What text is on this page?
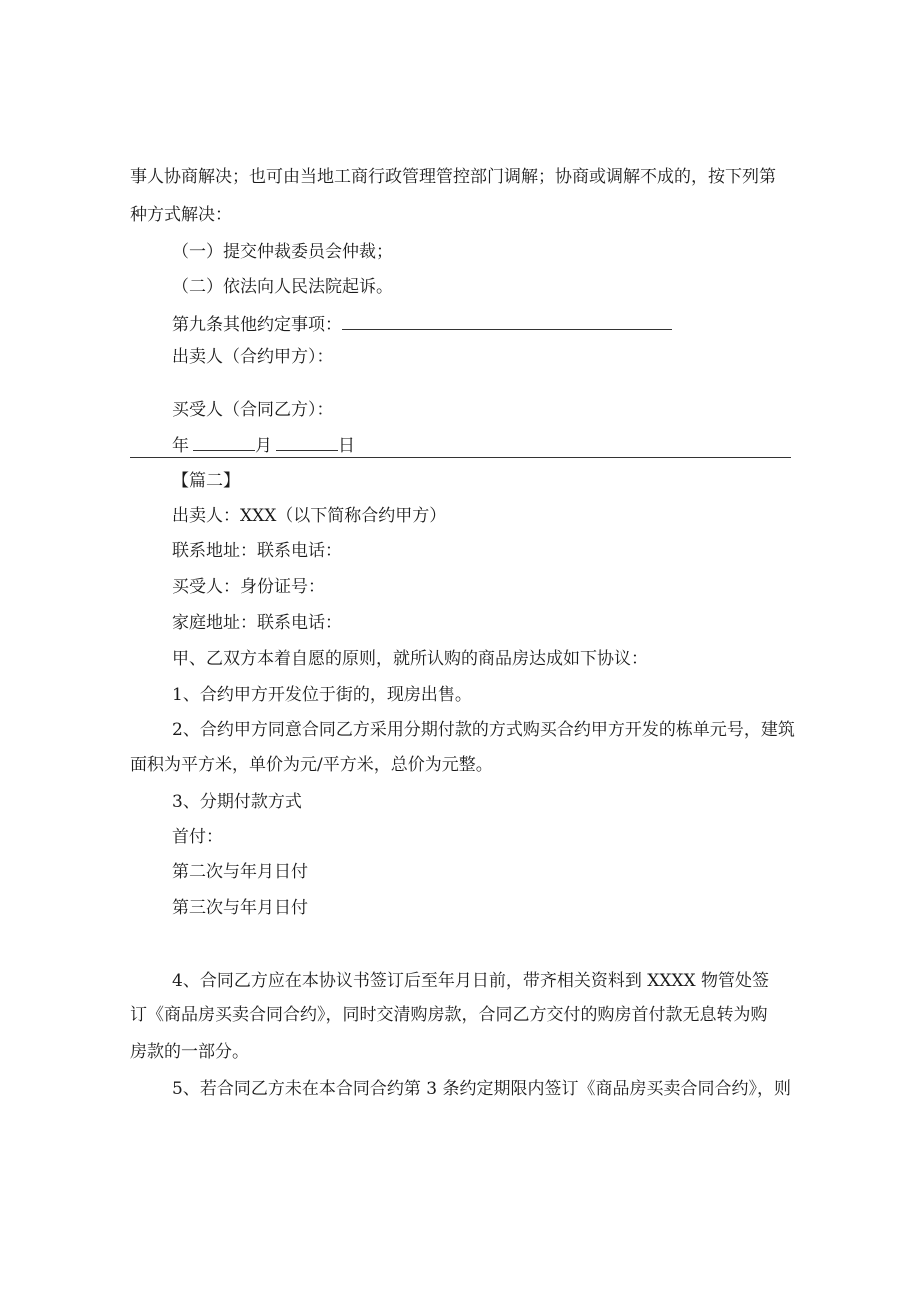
事人协商解决；也可由当地工商行政管理管控部门调解；协商或调解不成的，按下列第
种方式解决：
（一）提交仲裁委员会仲裁；
（二）依法向人民法院起诉。
第九条其他约定事项：
出卖人（合约甲方）：
买受人（合同乙方）：
年	月	日
【篇二】
出卖人：XXX（以下简称合约甲方）
联系地址：联系电话：
买受人：身份证号：
家庭地址：联系电话：
甲、乙双方本着自愿的原则，就所认购的商品房达成如下协议：
1、合约甲方开发位于街的，现房出售。
2、合约甲方同意合同乙方采用分期付款的方式购买合约甲方开发的栋单元号，建筑
面积为平方米，单价为元/平方米，总价为元整。
3、分期付款方式
首付：
第二次与年月日付
第三次与年月日付
4、合同乙方应在本协议书签订后至年月日前，带齐相关资料到 XXXX 物管处签
订《商品房买卖合同合约》，同时交清购房款，合同乙方交付的购房首付款无息转为购
房款的一部分。
5、若合同乙方未在本合同合约第 3 条约定期限内签订《商品房买卖合同合约》，则
